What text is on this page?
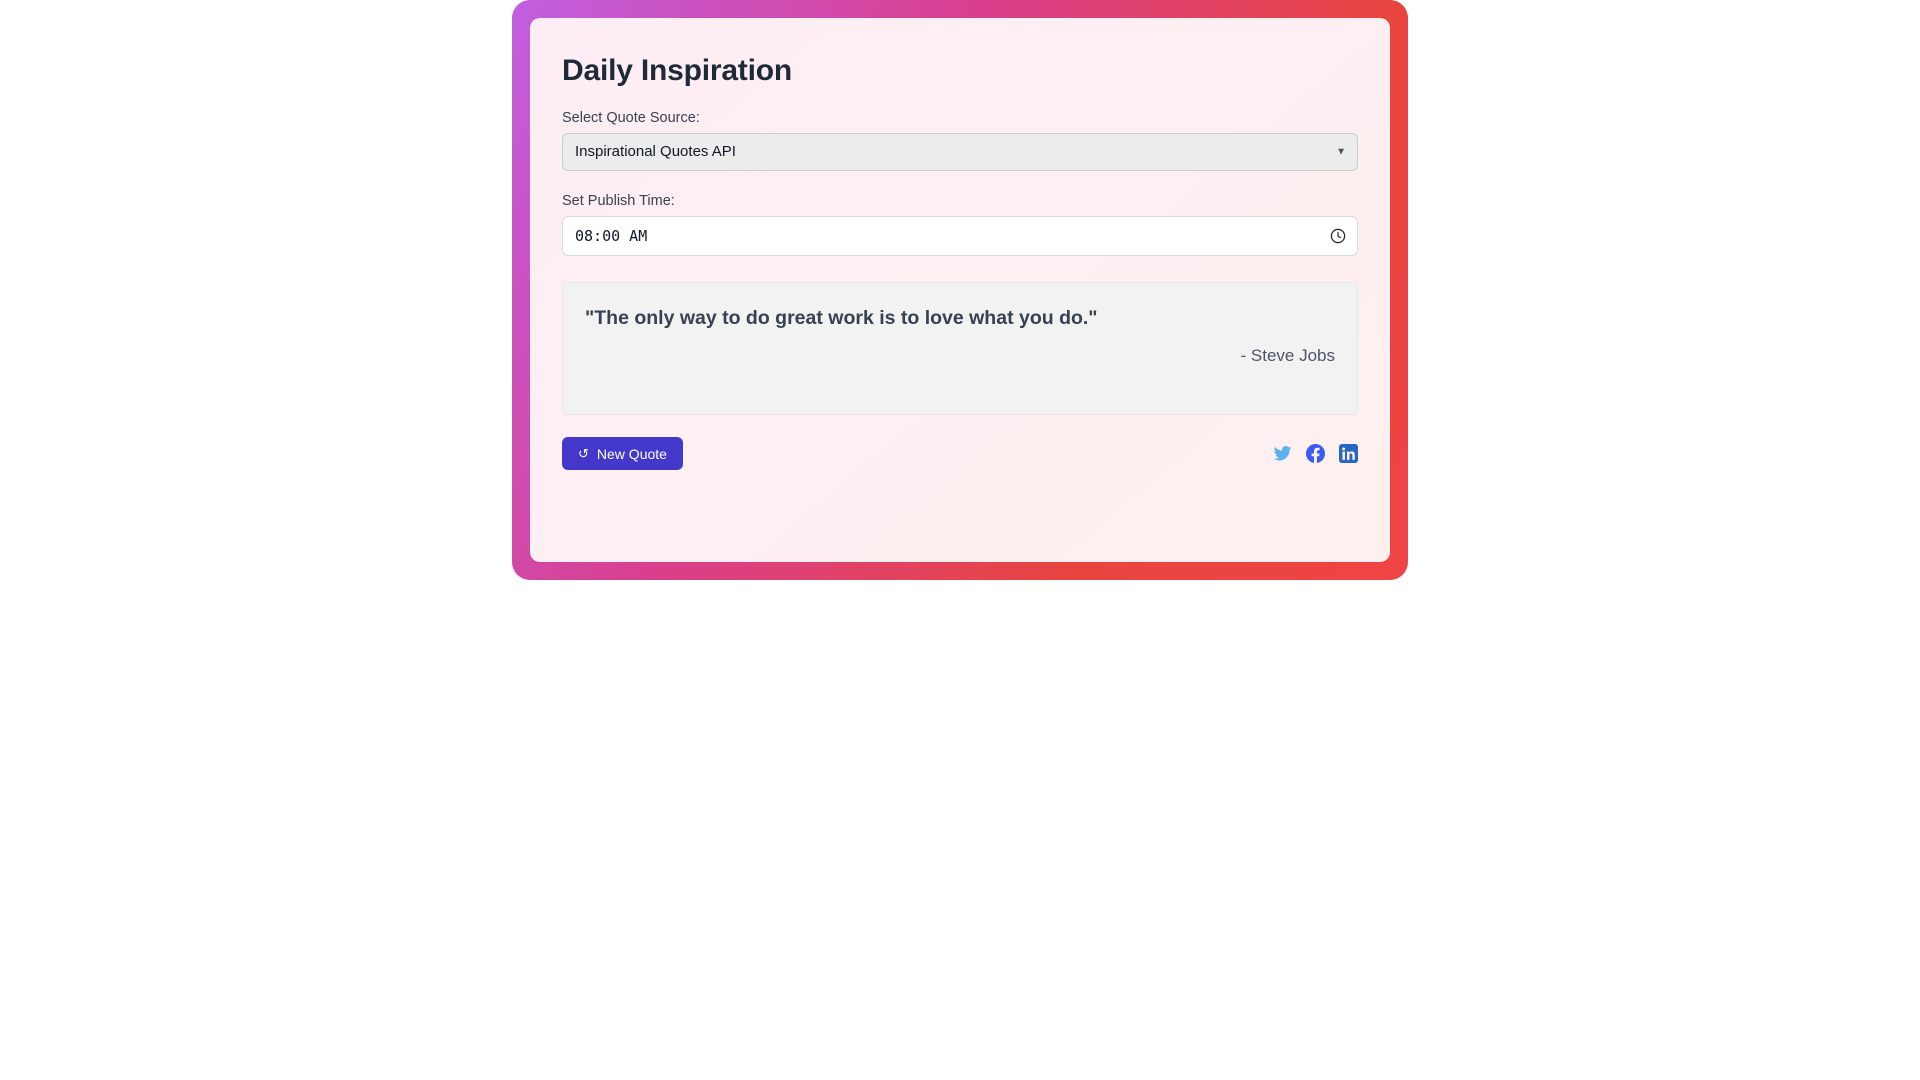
Daily Inspiration
Select Quote Source:
Inspirational Quotes API
▼
Set Publish Time:
08:00 AM

"The only way to do great work is to love what you do."

- Steve Jobs
↺ New Quote
